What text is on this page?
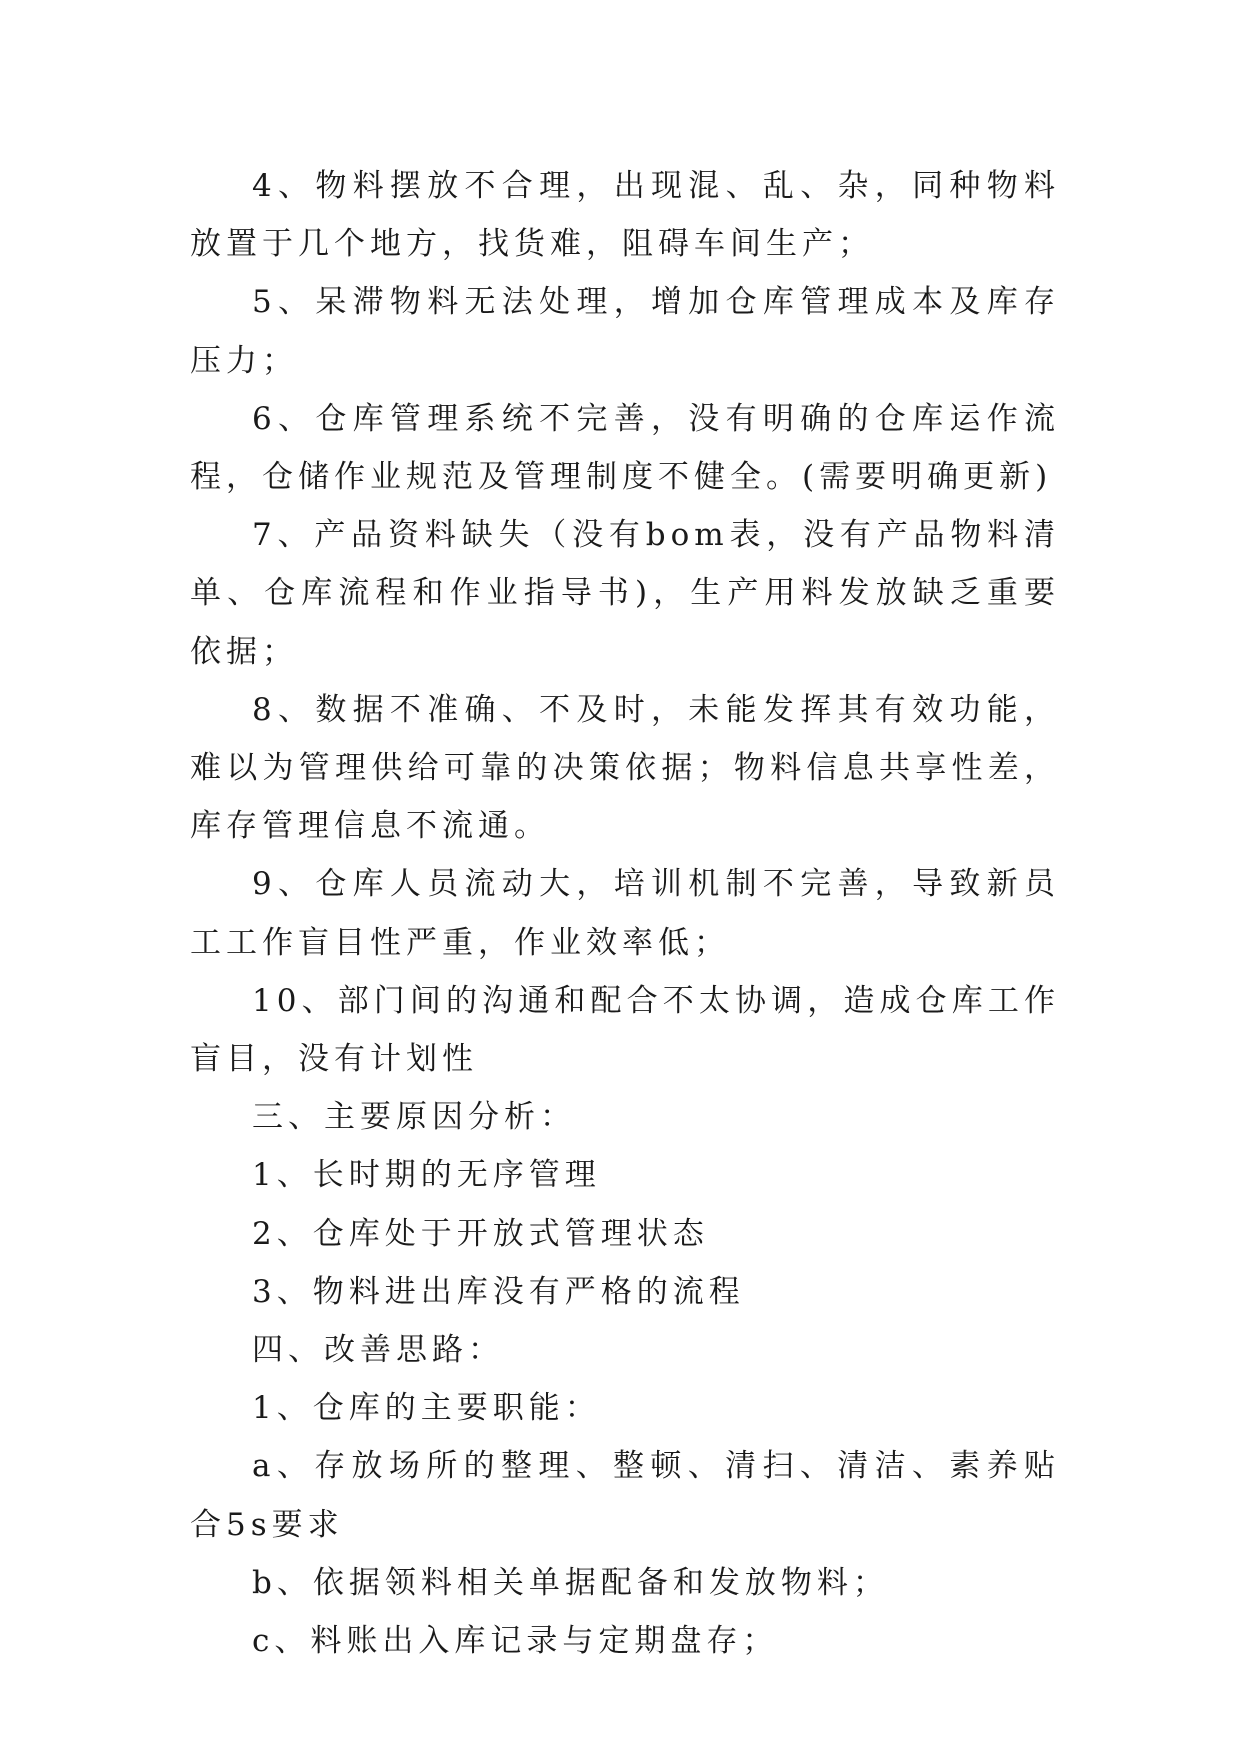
4、物料摆放不合理，出现混、乱、杂，同种物料放置于几个地方，找货难，阻碍车间生产；

5、呆滞物料无法处理，增加仓库管理成本及库存压力；

6、仓库管理系统不完善，没有明确的仓库运作流程，仓储作业规范及管理制度不健全。(需要明确更新)

7、产品资料缺失（没有bom表，没有产品物料清单、仓库流程和作业指导书)，生产用料发放缺乏重要依据；

8、数据不准确、不及时，未能发挥其有效功能，难以为管理供给可靠的决策依据；物料信息共享性差，库存管理信息不流通。

9、仓库人员流动大，培训机制不完善，导致新员工工作盲目性严重，作业效率低；

10、部门间的沟通和配合不太协调，造成仓库工作盲目，没有计划性

三、主要原因分析：

1、长时期的无序管理

2、仓库处于开放式管理状态

3、物料进出库没有严格的流程

四、改善思路：

1、仓库的主要职能：

a、存放场所的整理、整顿、清扫、清洁、素养贴合5s要求

b、依据领料相关单据配备和发放物料；

c、料账出入库记录与定期盘存；
